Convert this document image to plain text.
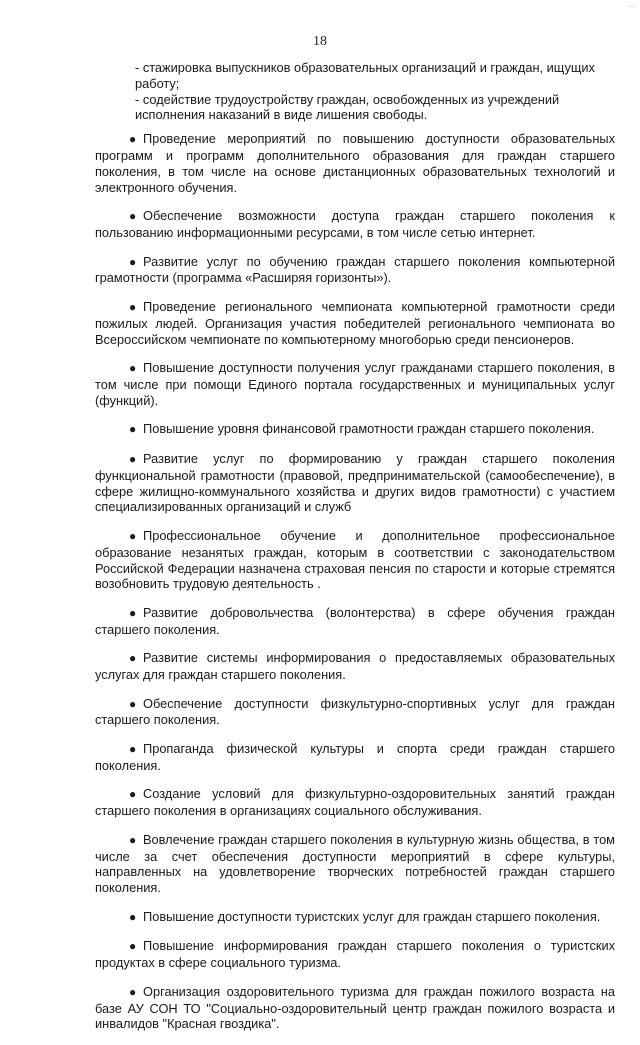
...
18
- стажировка выпускников образовательных организаций и граждан, ищущих работу;
- содействие трудоустройству граждан, освобожденных из учреждений исполнения наказаний в виде лишения свободы.

● Проведение мероприятий по повышению доступности образовательных программ и программ дополнительного образования для граждан старшего поколения, в том числе на основе дистанционных образовательных технологий и электронного обучения.

● Обеспечение возможности доступа граждан старшего поколения к пользованию информационными ресурсами, в том числе сетью интернет.

● Развитие услуг по обучению граждан старшего поколения компьютерной грамотности (программа «Расширяя горизонты»).

● Проведение регионального чемпионата компьютерной грамотности среди пожилых людей. Организация участия победителей регионального чемпионата во Всероссийском чемпионате по компьютерному многоборью среди пенсионеров.

● Повышение доступности получения услуг гражданами старшего поколения, в том числе при помощи Единого портала государственных и муниципальных услуг (функций).

● Повышение уровня финансовой грамотности граждан старшего поколения.

● Развитие услуг по формированию у граждан старшего поколения функциональной грамотности (правовой, предпринимательской (самообеспечение), в сфере жилищно-коммунального хозяйства и других видов грамотности) с участием специализированных организаций и служб

● Профессиональное обучение и дополнительное профессиональное образование незанятых граждан, которым в соответствии с законодательством Российской Федерации назначена страховая пенсия по старости и которые стремятся возобновить трудовую деятельность .

● Развитие добровольчества (волонтерства) в сфере обучения граждан старшего поколения.

● Развитие системы информирования о предоставляемых образовательных услугах для граждан старшего поколения.

● Обеспечение доступности физкультурно-спортивных услуг для граждан старшего поколения.

● Пропаганда физической культуры и спорта среди граждан старшего поколения.

● Создание условий для физкультурно-оздоровительных занятий граждан старшего поколения в организациях социального обслуживания.

● Вовлечение граждан старшего поколения в культурную жизнь общества, в том числе за счет обеспечения доступности мероприятий в сфере культуры, направленных на удовлетворение творческих потребностей граждан старшего поколения.

● Повышение доступности туристских услуг для граждан старшего поколения.

● Повышение информирования граждан старшего поколения о туристских продуктах в сфере социального туризма.

● Организация оздоровительного туризма для граждан пожилого возраста на базе АУ СОН ТО "Социально-оздоровительный центр граждан пожилого возраста и инвалидов "Красная гвоздика".
